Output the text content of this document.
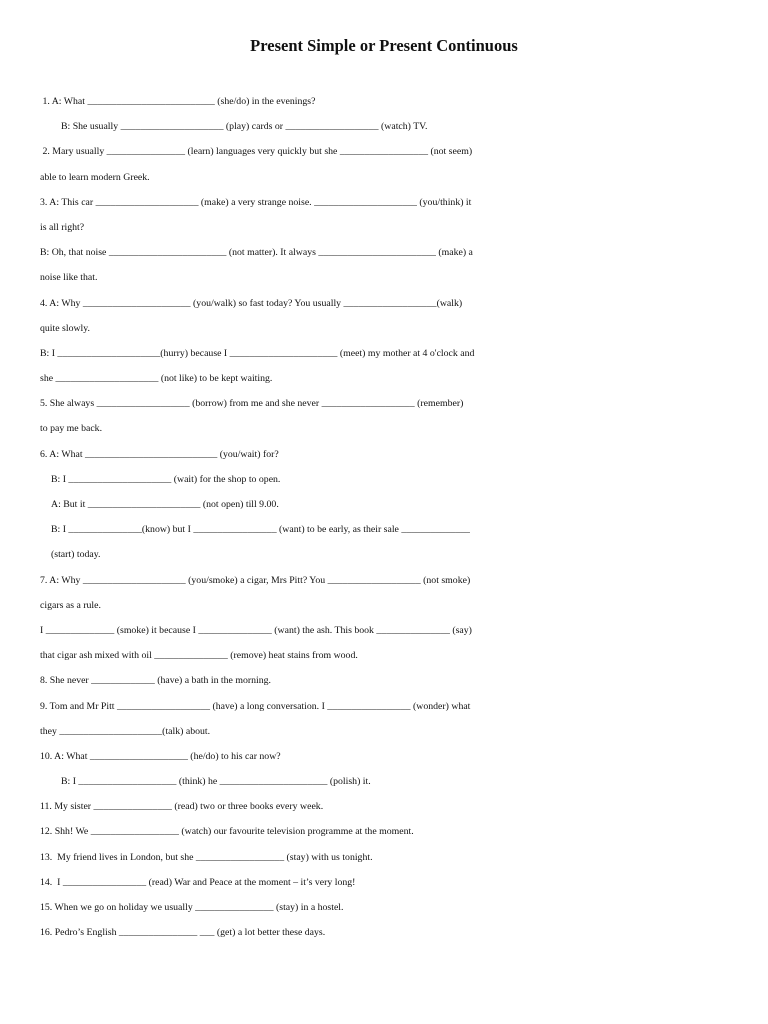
Present Simple or Present Continuous
1. A: What __________________________ (she/do) in the evenings?
B: She usually _____________________ (play) cards or ___________________ (watch) TV.
2. Mary usually ________________ (learn) languages very quickly but she __________________ (not seem)
able to learn modern Greek.
3. A: This car _____________________ (make) a very strange noise. _____________________ (you/think) it
is all right?
B: Oh, that noise ________________________ (not matter). It always ________________________ (make) a
noise like that.
4. A: Why ______________________ (you/walk) so fast today? You usually ___________________(walk)
quite slowly.
B: I _____________________(hurry) because I ______________________ (meet) my mother at 4 o'clock and
she _____________________ (not like) to be kept waiting.
5. She always ___________________ (borrow) from me and she never ___________________ (remember)
to pay me back.
6. A: What ___________________________ (you/wait) for?
B: I _____________________ (wait) for the shop to open.
A: But it _______________________ (not open) till 9.00.
B: I _______________(know) but I _________________ (want) to be early, as their sale ______________
(start) today.
7. A: Why _____________________ (you/smoke) a cigar, Mrs Pitt? You ___________________ (not smoke)
cigars as a rule.
I ______________ (smoke) it because I _______________ (want) the ash. This book _______________ (say)
that cigar ash mixed with oil _______________ (remove) heat stains from wood.
8. She never _____________ (have) a bath in the morning.
9. Tom and Mr Pitt ___________________ (have) a long conversation. I _________________ (wonder) what
they _____________________(talk) about.
10. A: What ____________________ (he/do) to his car now?
B: I ____________________ (think) he ______________________ (polish) it.
11. My sister ________________ (read) two or three books every week.
12. Shh! We __________________ (watch) our favourite television programme at the moment.
13.  My friend lives in London, but she __________________ (stay) with us tonight.
14.  I _________________ (read) War and Peace at the moment – it’s very long!
15. When we go on holiday we usually ________________ (stay) in a hostel.
16. Pedro’s English ________________ ___ (get) a lot better these days.
